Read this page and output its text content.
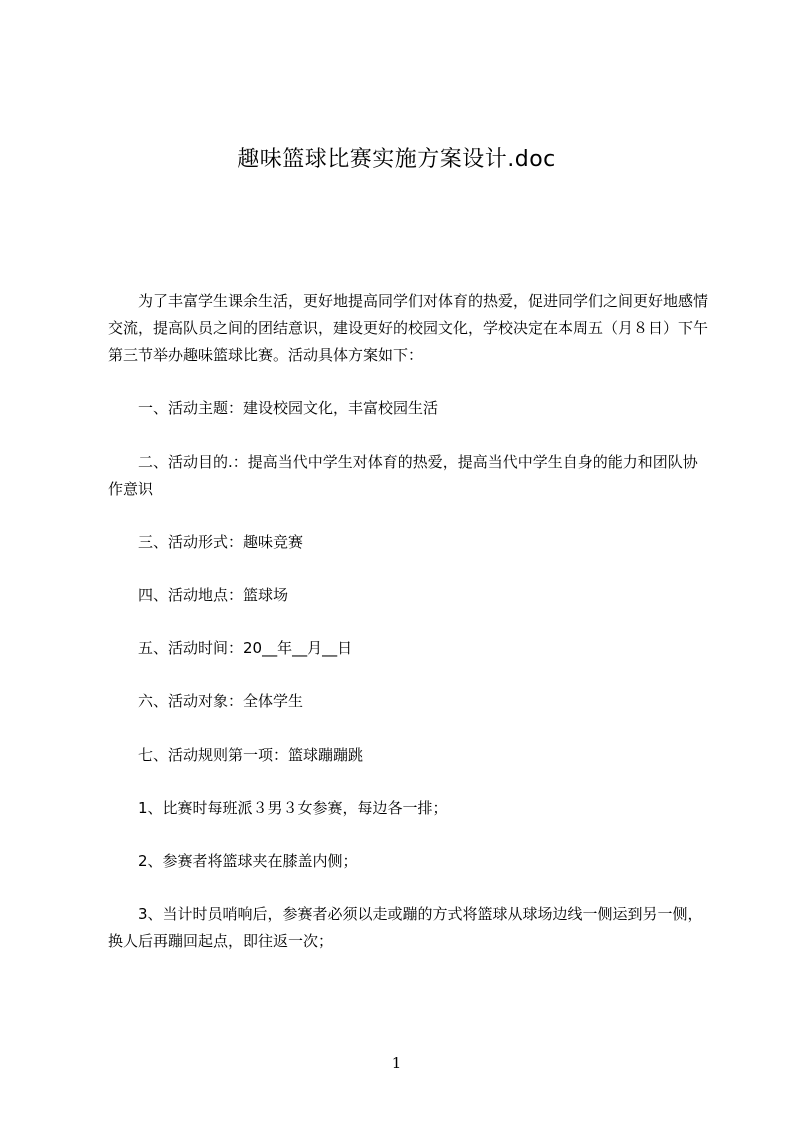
趣味篮球比赛实施方案设计.doc

为了丰富学生课余生活，更好地提高同学们对体育的热爱，促进同学们之间更好地感情交流，提高队员之间的团结意识，建设更好的校园文化，学校决定在本周五（月８日）下午第三节举办趣味篮球比赛。活动具体方案如下：

一、活动主题：建设校园文化，丰富校园生活

二、活动目的.：提高当代中学生对体育的热爱，提高当代中学生自身的能力和团队协作意识

三、活动形式：趣味竞赛

四、活动地点：篮球场

五、活动时间：20__年__月__日

六、活动对象：全体学生

七、活动规则第一项：篮球蹦蹦跳

1、比赛时每班派３男３女参赛，每边各一排；

2、参赛者将篮球夹在膝盖内侧；

3、当计时员哨响后，参赛者必须以走或蹦的方式将篮球从球场边线一侧运到另一侧，换人后再蹦回起点，即往返一次；

1
